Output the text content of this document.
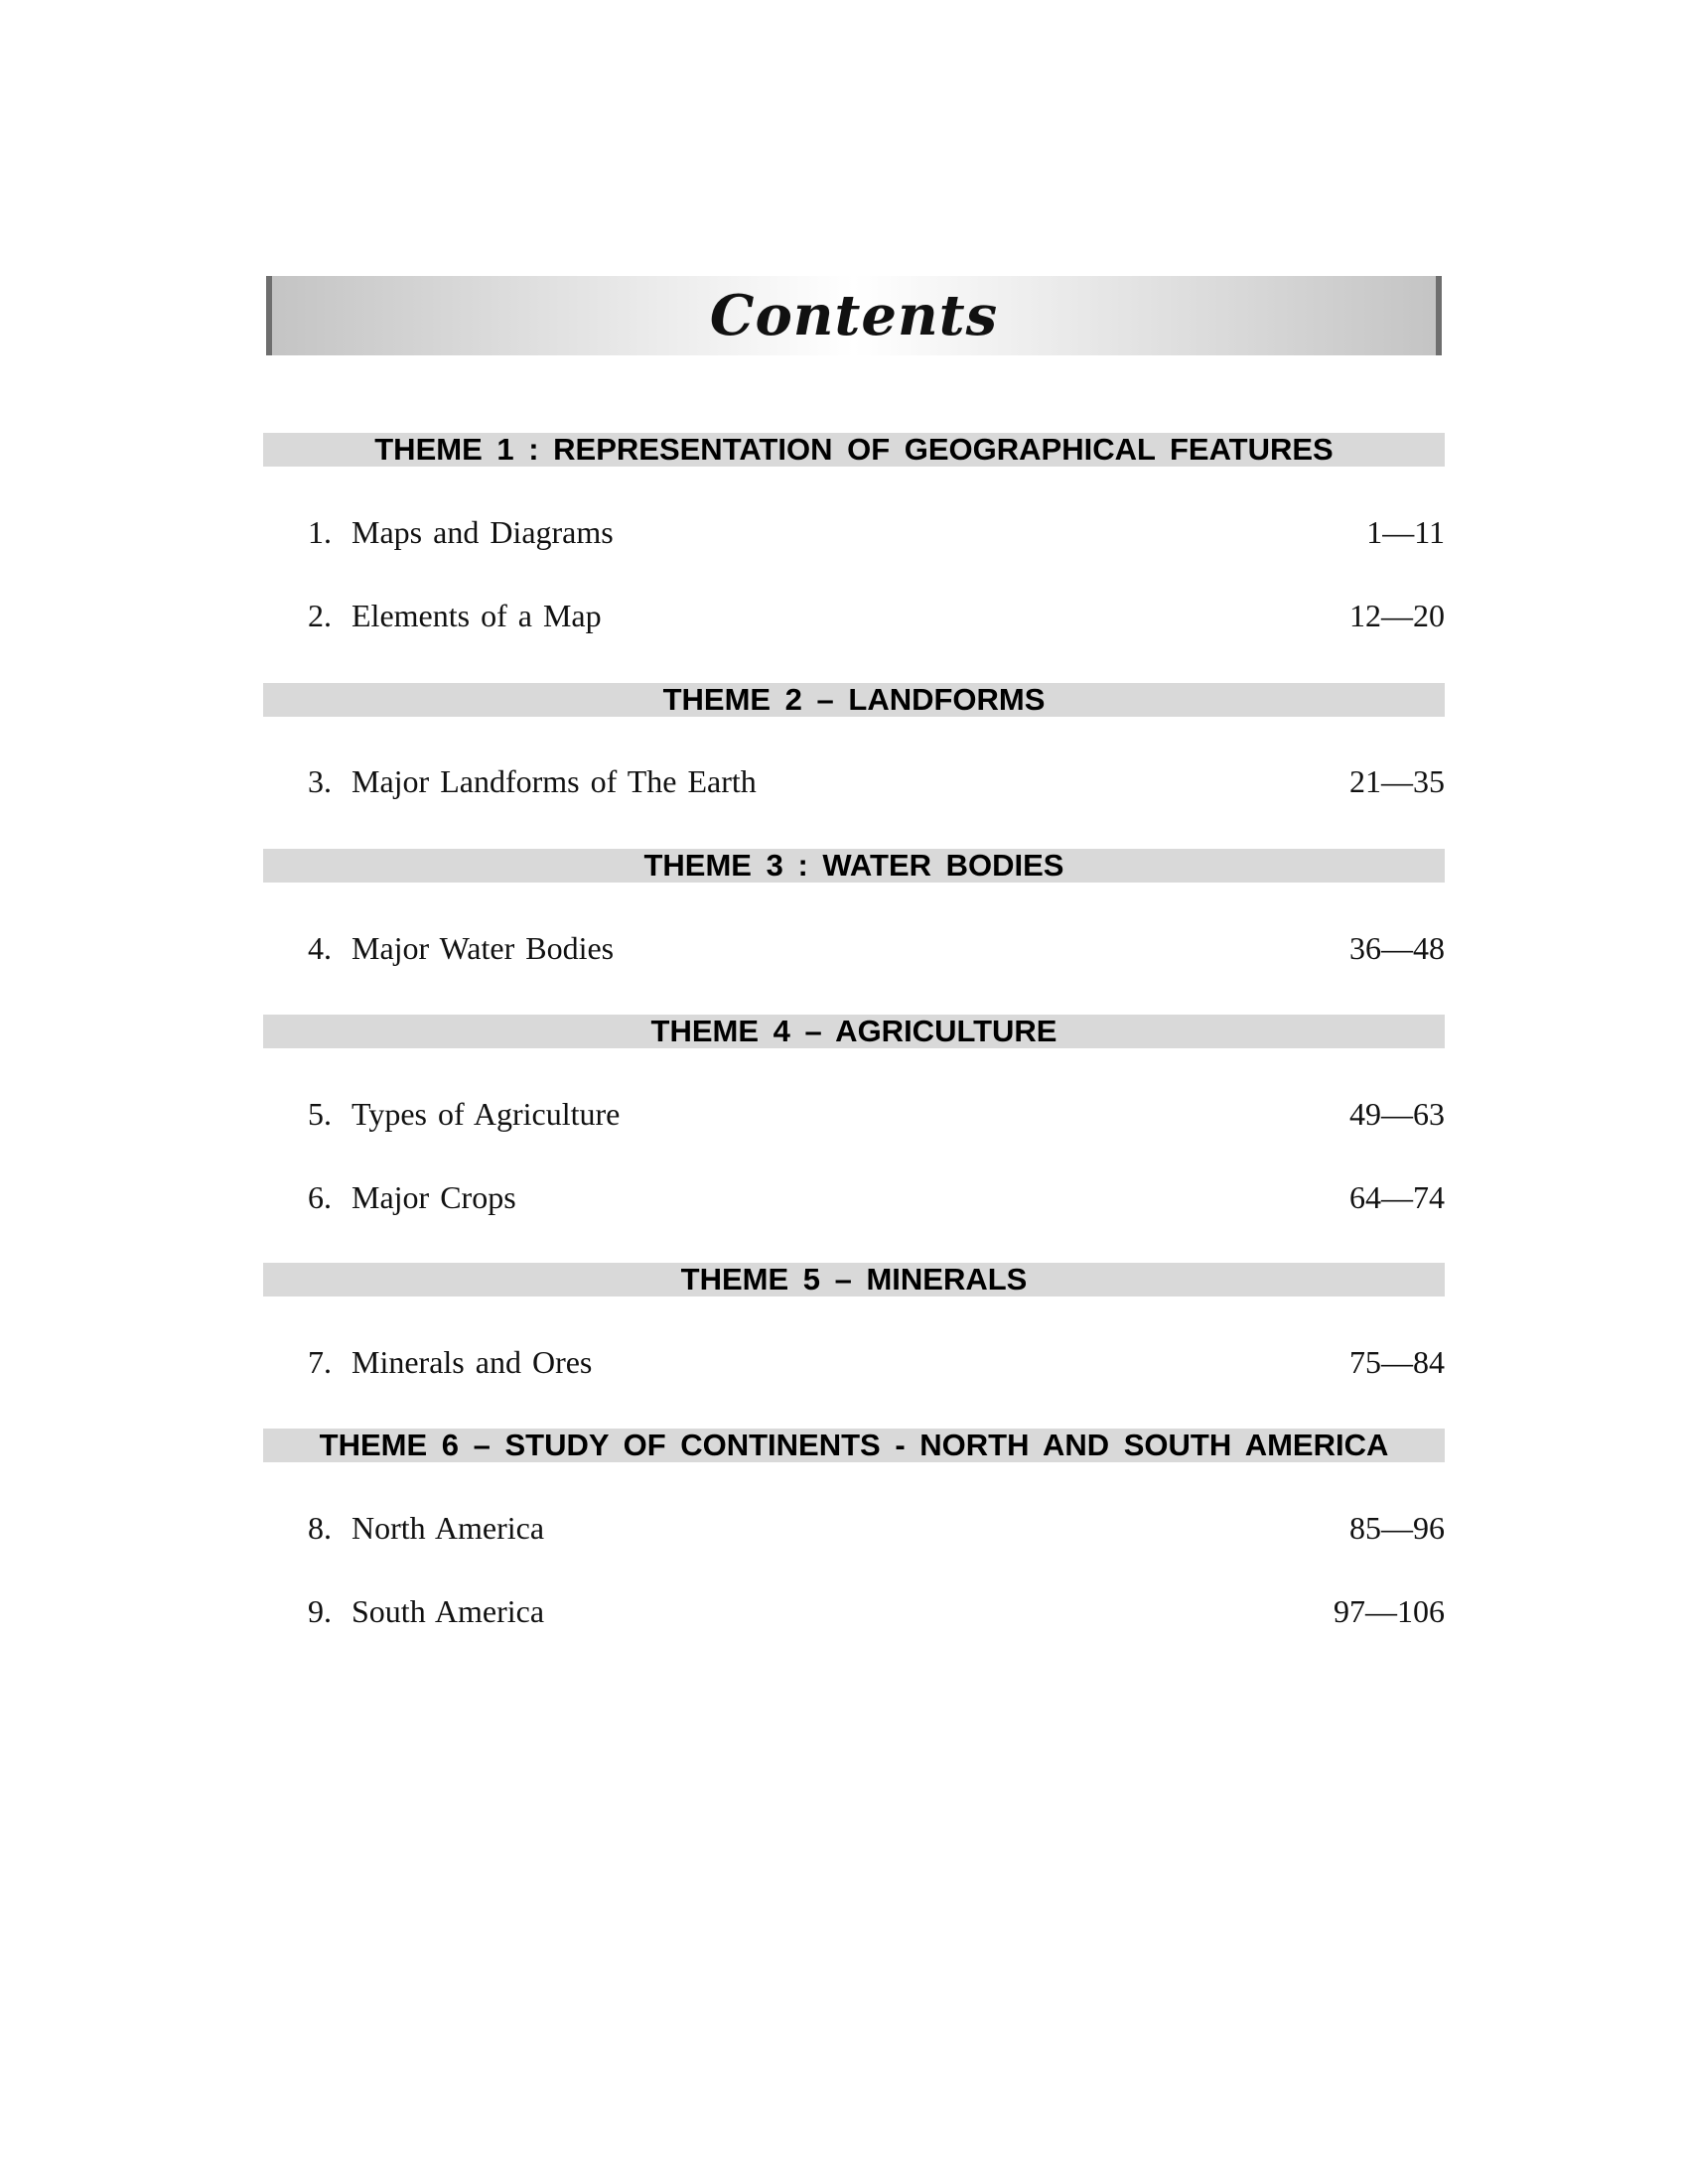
Contents
THEME 1 : REPRESENTATION OF GEOGRAPHICAL FEATURES
1. Maps and Diagrams	1—11
2. Elements of a Map	12—20
THEME 2 – LANDFORMS
3. Major Landforms of The Earth	21—35
THEME 3 : WATER BODIES
4. Major Water Bodies	36—48
THEME 4 – AGRICULTURE
5. Types of Agriculture	49—63
6. Major Crops	64—74
THEME 5 – MINERALS
7. Minerals and Ores	75—84
THEME 6 – STUDY OF CONTINENTS - NORTH AND SOUTH AMERICA
8. North America	85—96
9. South America	97—106
